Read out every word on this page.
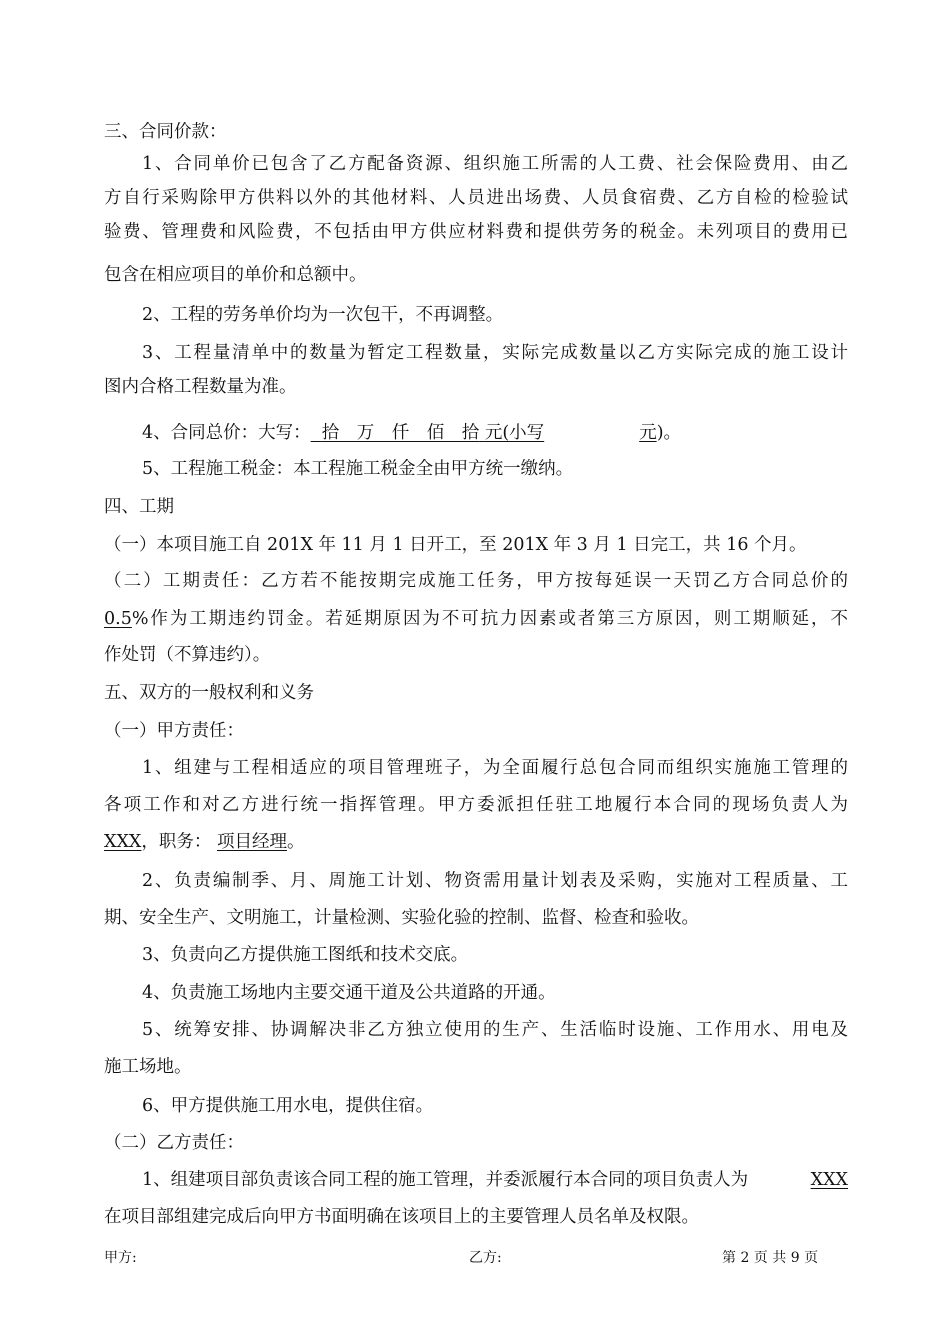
三、合同价款：
1、合同单价已包含了乙方配备资源、组织施工所需的人工费、社会保险费用、由乙
方自行采购除甲方供料以外的其他材料、人员进出场费、人员食宿费、乙方自检的检验试
验费、管理费和风险费，不包括由甲方供应材料费和提供劳务的税金。未列项目的费用已
包含在相应项目的单价和总额中。
2、工程的劳务单价均为一次包干，不再调整。
3、工程量清单中的数量为暂定工程数量，实际完成数量以乙方实际完成的施工设计
图内合格工程数量为准。
4、合同总价：大写： 拾　万　仟　佰　拾 元(小写	元)。
5、工程施工税金：本工程施工税金全由甲方统一缴纳。
四、工期
（一）本项目施工自 201X 年 11 月 1 日开工，至 201X 年 3 月 1 日完工，共 16 个月。
（二）工期责任：乙方若不能按期完成施工任务，甲方按每延误一天罚乙方合同总价的
0.5%作为工期违约罚金。若延期原因为不可抗力因素或者第三方原因，则工期顺延，不
作处罚（不算违约）。
五、双方的一般权利和义务
（一）甲方责任：
1、组建与工程相适应的项目管理班子，为全面履行总包合同而组织实施施工管理的
各项工作和对乙方进行统一指挥管理。甲方委派担任驻工地履行本合同的现场负责人为
XXX，职务： 项目经理。
2、负责编制季、月、周施工计划、物资需用量计划表及采购，实施对工程质量、工
期、安全生产、文明施工，计量检测、实验化验的控制、监督、检查和验收。
3、负责向乙方提供施工图纸和技术交底。
4、负责施工场地内主要交通干道及公共道路的开通。
5、统筹安排、协调解决非乙方独立使用的生产、生活临时设施、工作用水、用电及
施工场地。
6、甲方提供施工用水电，提供住宿。
（二）乙方责任：
1、组建项目部负责该合同工程的施工管理，并委派履行本合同的项目负责人为	XXX
在项目部组建完成后向甲方书面明确在该项目上的主要管理人员名单及权限。
甲方:	乙方:	第 2 页 共 9 页
